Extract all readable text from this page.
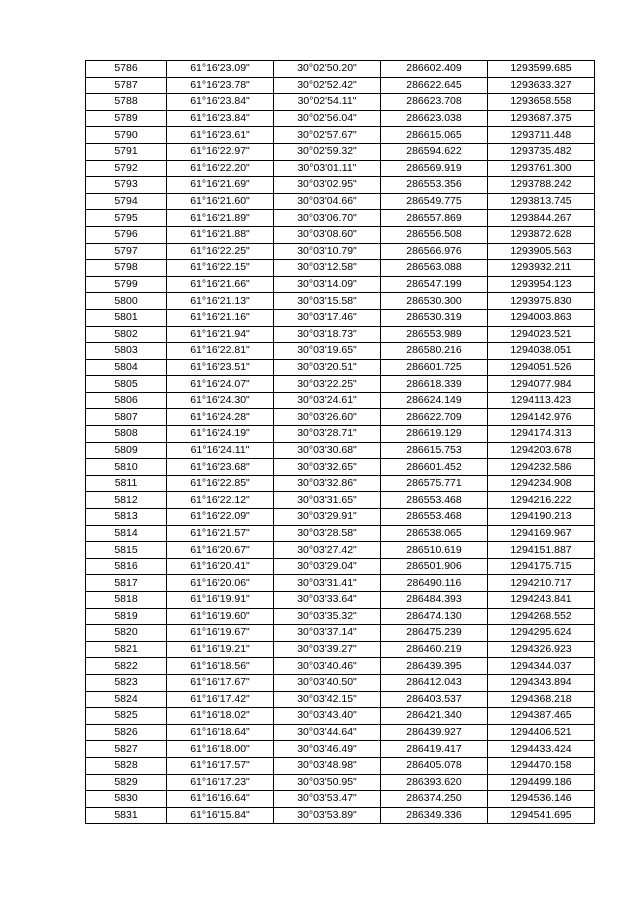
5786	61°16'23.09"	30°02'50.20"	286602.409	1293599.685
5787	61°16'23.78"	30°02'52.42"	286622.645	1293633.327
5788	61°16'23.84"	30°02'54.11"	286623.708	1293658.558
5789	61°16'23.84"	30°02'56.04"	286623.038	1293687.375
5790	61°16'23.61"	30°02'57.67"	286615.065	1293711.448
5791	61°16'22.97"	30°02'59.32"	286594.622	1293735.482
5792	61°16'22.20"	30°03'01.11"	286569.919	1293761.300
5793	61°16'21.69"	30°03'02.95"	286553.356	1293788.242
5794	61°16'21.60"	30°03'04.66"	286549.775	1293813.745
5795	61°16'21.89"	30°03'06.70"	286557.869	1293844.267
5796	61°16'21.88"	30°03'08.60"	286556.508	1293872.628
5797	61°16'22.25"	30°03'10.79"	286566.976	1293905.563
5798	61°16'22.15"	30°03'12.58"	286563.088	1293932.211
5799	61°16'21.66"	30°03'14.09"	286547.199	1293954.123
5800	61°16'21.13"	30°03'15.58"	286530.300	1293975.830
5801	61°16'21.16"	30°03'17.46"	286530.319	1294003.863
5802	61°16'21.94"	30°03'18.73"	286553.989	1294023.521
5803	61°16'22.81"	30°03'19.65"	286580.216	1294038.051
5804	61°16'23.51"	30°03'20.51"	286601.725	1294051.526
5805	61°16'24.07"	30°03'22.25"	286618.339	1294077.984
5806	61°16'24.30"	30°03'24.61"	286624.149	1294113.423
5807	61°16'24.28"	30°03'26.60"	286622.709	1294142.976
5808	61°16'24.19"	30°03'28.71"	286619.129	1294174.313
5809	61°16'24.11"	30°03'30.68"	286615.753	1294203.678
5810	61°16'23.68"	30°03'32.65"	286601.452	1294232.586
5811	61°16'22.85"	30°03'32.86"	286575.771	1294234.908
5812	61°16'22.12"	30°03'31.65"	286553.468	1294216.222
5813	61°16'22.09"	30°03'29.91"	286553.468	1294190.213
5814	61°16'21.57"	30°03'28.58"	286538.065	1294169.967
5815	61°16'20.67"	30°03'27.42"	286510.619	1294151.887
5816	61°16'20.41"	30°03'29.04"	286501.906	1294175.715
5817	61°16'20.06"	30°03'31.41"	286490.116	1294210.717
5818	61°16'19.91"	30°03'33.64"	286484.393	1294243.841
5819	61°16'19.60"	30°03'35.32"	286474.130	1294268.552
5820	61°16'19.67"	30°03'37.14"	286475.239	1294295.624
5821	61°16'19.21"	30°03'39.27"	286460.219	1294326.923
5822	61°16'18.56"	30°03'40.46"	286439.395	1294344.037
5823	61°16'17.67"	30°03'40.50"	286412.043	1294343.894
5824	61°16'17.42"	30°03'42.15"	286403.537	1294368.218
5825	61°16'18.02"	30°03'43.40"	286421.340	1294387.465
5826	61°16'18.64"	30°03'44.64"	286439.927	1294406.521
5827	61°16'18.00"	30°03'46.49"	286419.417	1294433.424
5828	61°16'17.57"	30°03'48.98"	286405.078	1294470.158
5829	61°16'17.23"	30°03'50.95"	286393.620	1294499.186
5830	61°16'16.64"	30°03'53.47"	286374.250	1294536.146
5831	61°16'15.84"	30°03'53.89"	286349.336	1294541.695
